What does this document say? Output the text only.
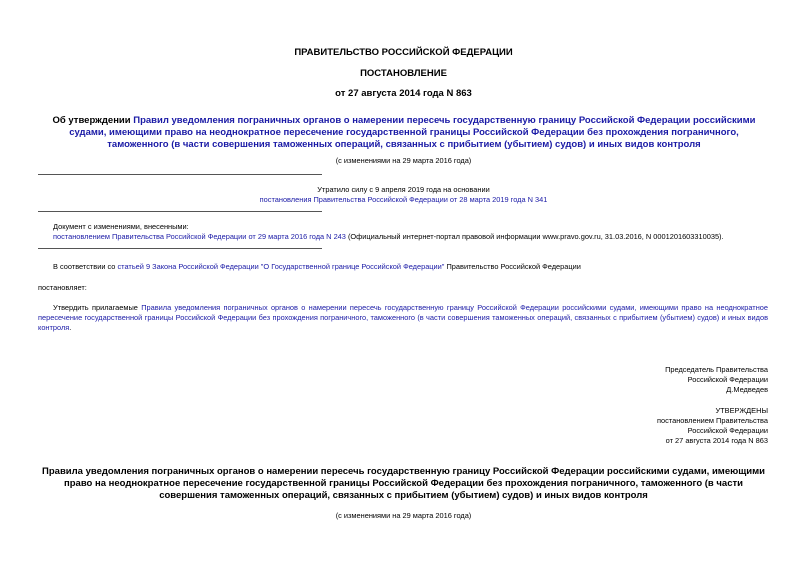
ПРАВИТЕЛЬСТВО РОССИЙСКОЙ ФЕДЕРАЦИИ
ПОСТАНОВЛЕНИЕ
от 27 августа 2014 года N 863
Об утверждении Правил уведомления пограничных органов о намерении пересечь государственную границу Российской Федерации российскими судами, имеющими право на неоднократное пересечение государственной границы Российской Федерации без прохождения пограничного, таможенного (в части совершения таможенных операций, связанных с прибытием (убытием) судов) и иных видов контроля
(с изменениями на 29 марта 2016 года)
Утратило силу с 9 апреля 2019 года на основании
постановления Правительства Российской Федерации от 28 марта 2019 года N 341
Документ с изменениями, внесенными:
постановлением Правительства Российской Федерации от 29 марта 2016 года N 243 (Официальный интернет-портал правовой информации www.pravo.gov.ru, 31.03.2016, N 0001201603310035).
В соответствии со статьей 9 Закона Российской Федерации "О Государственной границе Российской Федерации" Правительство Российской Федерации
постановляет:
Утвердить прилагаемые Правила уведомления пограничных органов о намерении пересечь государственную границу Российской Федерации российскими судами, имеющими право на неоднократное пересечение государственной границы Российской Федерации без прохождения пограничного, таможенного (в части совершения таможенных операций, связанных с прибытием (убытием) судов) и иных видов контроля.
Председатель Правительства
Российской Федерации
Д.Медведев
УТВЕРЖДЕНЫ
постановлением Правительства
Российской Федерации
от 27 августа 2014 года N 863
Правила уведомления пограничных органов о намерении пересечь государственную границу Российской Федерации российскими судами, имеющими право на неоднократное пересечение государственной границы Российской Федерации без прохождения пограничного, таможенного (в части совершения таможенных операций, связанных с прибытием (убытием) судов) и иных видов контроля
(с изменениями на 29 марта 2016 года)
